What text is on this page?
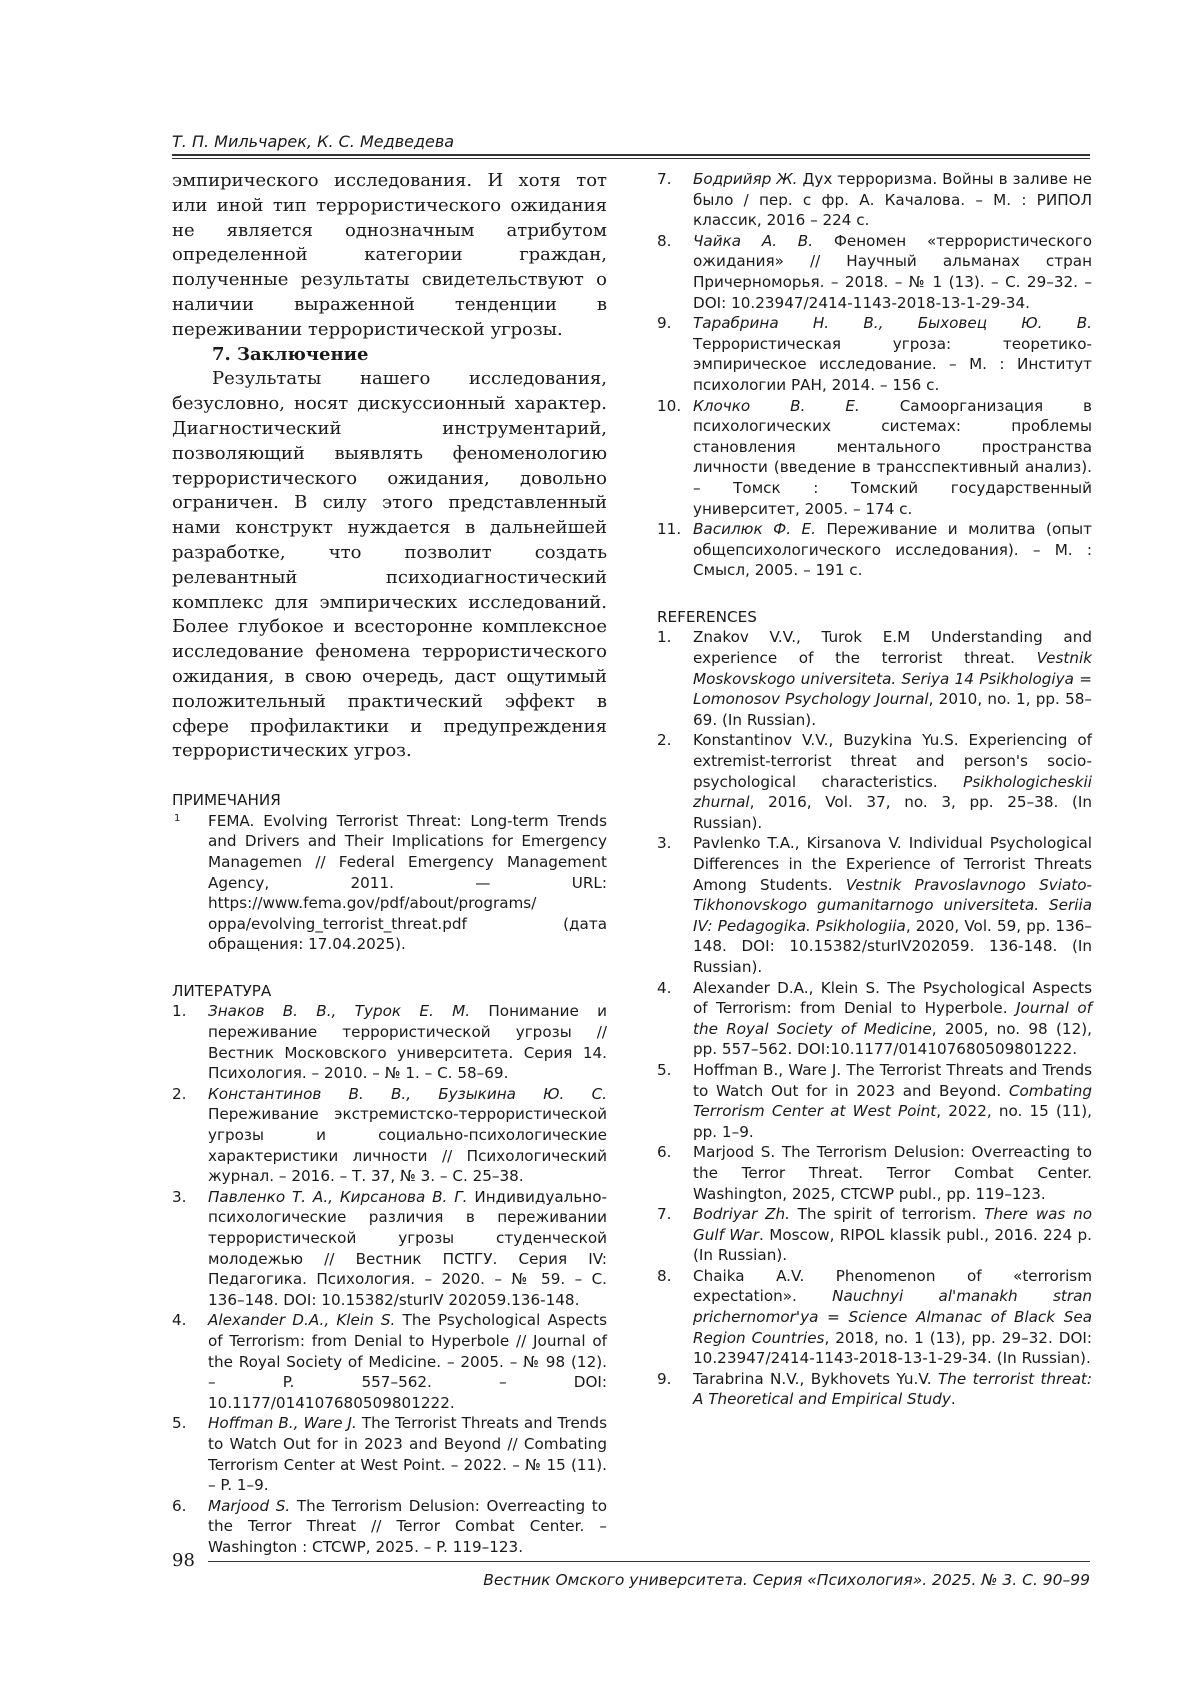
Т. П. Мильчарек, К. С. Медведева

эмпирического исследования. И хотя тот или иной тип террористического ожидания не является однозначным атрибутом определенной категории граждан, полученные результаты свидетельствуют о наличии выраженной тенденции в переживании террористической угрозы.

7. Заключение

Результаты нашего исследования, безусловно, носят дискуссионный характер. Диагностический инструментарий, позволяющий выявлять феноменологию террористического ожидания, довольно ограничен. В силу этого представленный нами конструкт нуждается в дальнейшей разработке, что позволит создать релевантный психодиагностический комплекс для эмпирических исследований. Более глубокое и всесторонне комплексное исследование феномена террористического ожидания, в свою очередь, даст ощутимый положительный практический эффект в сфере профилактики и предупреждения террористических угроз.

ПРИМЕЧАНИЯ
1 FEMA. Evolving Terrorist Threat: Long-term Trends and Drivers and Their Implications for Emergency Managemen // Federal Emergency Management Agency, 2011. — URL: https://www.fema.gov/pdf/about/programs/ oppa/evolving_terrorist_threat.pdf (дата обращения: 17.04.2025).
ЛИТЕРАТУРА
1. Знаков В. В., Турок Е. М. Понимание и переживание террористической угрозы // Вестник Московского университета. Серия 14. Психология. – 2010. – № 1. – С. 58–69.
2. Константинов В. В., Бузыкина Ю. С. Переживание экстремистско-террористической угрозы и социально-психологические характеристики личности // Психологический журнал. – 2016. – Т. 37, № 3. – С. 25–38.
3. Павленко Т. А., Кирсанова В. Г. Индивидуально-психологические различия в переживании террористической угрозы студенческой молодежью // Вестник ПСТГУ. Серия IV: Педагогика. Психология. – 2020. – № 59. – С. 136–148. DOI: 10.15382/sturIV 202059.136-148.
4. Alexander D.A., Klein S. The Psychological Aspects of Terrorism: from Denial to Hyperbole // Journal of the Royal Society of Medicine. – 2005. – № 98 (12). – P. 557–562. – DOI: 10.1177/014107680509801222.
5. Hoffman B., Ware J. The Terrorist Threats and Trends to Watch Out for in 2023 and Beyond // Combating Terrorism Center at West Point. – 2022. – № 15 (11). – P. 1–9.
6. Marjood S. The Terrorism Delusion: Overreacting to the Terror Threat // Terror Combat Center. – Washington : CTCWP, 2025. – P. 119–123.
7. Бодрийяр Ж. Дух терроризма. Войны в заливе не было / пер. с фр. А. Качалова. – М. : РИПОЛ классик, 2016 – 224 с.
8. Чайка А. В. Феномен «террористического ожидания» // Научный альманах стран Причерноморья. – 2018. – № 1 (13). – С. 29–32. – DOI: 10.23947/2414-1143-2018-13-1-29-34.
9. Тарабрина Н. В., Быховец Ю. В. Террористическая угроза: теоретико-эмпирическое исследование. – М. : Институт психологии РАН, 2014. – 156 с.
10. Клочко В. Е. Самоорганизация в психологических системах: проблемы становления ментального пространства личности (введение в трансспективный анализ). – Томск : Томский государственный университет, 2005. – 174 с.
11. Василюк Ф. Е. Переживание и молитва (опыт общепсихологического исследования). – М. : Смысл, 2005. – 191 с.
REFERENCES
1. Znakov V.V., Turok E.M Understanding and experience of the terrorist threat. Vestnik Moskovskogo universiteta. Seriya 14 Psikhologiya = Lomonosov Psychology Journal, 2010, no. 1, pp. 58–69. (In Russian).
2. Konstantinov V.V., Buzykina Yu.S. Experiencing of extremist-terrorist threat and person's socio-psychological characteristics. Psikhologicheskii zhurnal, 2016, Vol. 37, no. 3, pp. 25–38. (In Russian).
3. Pavlenko T.A., Kirsanova V. Individual Psychological Differences in the Experience of Terrorist Threats Among Students. Vestnik Pravoslavnogo Sviato-Tikhonovskogo gumanitarnogo universiteta. Seriia IV: Pedagogika. Psikhologiia, 2020, Vol. 59, pp. 136–148. DOI: 10.15382/sturIV202059. 136-148. (In Russian).
4. Alexander D.A., Klein S. The Psychological Aspects of Terrorism: from Denial to Hyperbole. Journal of the Royal Society of Medicine, 2005, no. 98 (12), pp. 557–562. DOI:10.1177/014107680509801222.
5. Hoffman B., Ware J. The Terrorist Threats and Trends to Watch Out for in 2023 and Beyond. Combating Terrorism Center at West Point, 2022, no. 15 (11), pp. 1–9.
6. Marjood S. The Terrorism Delusion: Overreacting to the Terror Threat. Terror Combat Center. Washington, 2025, CTCWP publ., pp. 119–123.
7. Bodriyar Zh. The spirit of terrorism. There was no Gulf War. Moscow, RIPOL klassik publ., 2016. 224 p. (In Russian).
8. Chaika A.V. Phenomenon of «terrorism expectation». Nauchnyi al'manakh stran prichernomor'ya = Science Almanac of Black Sea Region Countries, 2018, no. 1 (13), pp. 29–32. DOI: 10.23947/2414-1143-2018-13-1-29-34. (In Russian).
9. Tarabrina N.V., Bykhovets Yu.V. The terrorist threat: A Theoretical and Empirical Study.
98
Вестник Омского университета. Серия «Психология». 2025. № 3. С. 90–99
